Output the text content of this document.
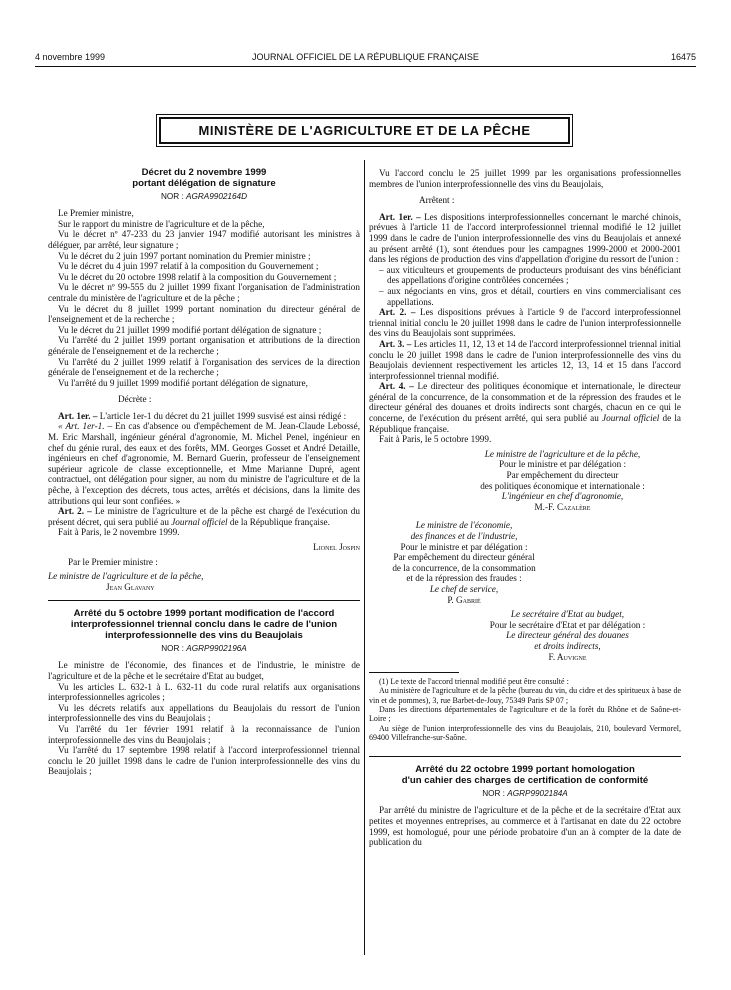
4 novembre 1999	JOURNAL OFFICIEL DE LA RÉPUBLIQUE FRANÇAISE	16475
MINISTÈRE DE L'AGRICULTURE ET DE LA PÊCHE

Décret du 2 novembre 1999

portant délégation de signature

NOR : AGRA9902164D

Le Premier ministre,

Sur le rapport du ministre de l'agriculture et de la pêche,

Vu le décret nº 47-233 du 23 janvier 1947 modifié autorisant les ministres à déléguer, par arrêté, leur signature ;

Vu le décret du 2 juin 1997 portant nomination du Premier ministre ;

Vu le décret du 4 juin 1997 relatif à la composition du Gouvernement ;

Vu le décret du 20 octobre 1998 relatif à la composition du Gouvernement ;

Vu le décret nº 99-555 du 2 juillet 1999 fixant l'organisation de l'administration centrale du ministère de l'agriculture et de la pêche ;

Vu le décret du 8 juillet 1999 portant nomination du directeur général de l'enseignement et de la recherche ;

Vu le décret du 21 juillet 1999 modifié portant délégation de signature ;

Vu l'arrêté du 2 juillet 1999 portant organisation et attributions de la direction générale de l'enseignement et de la recherche ;

Vu l'arrêté du 2 juillet 1999 relatif à l'organisation des services de la direction générale de l'enseignement et de la recherche ;

Vu l'arrêté du 9 juillet 1999 modifié portant délégation de signature,

Décrète :

Art. 1er. – L'article 1er-1 du décret du 21 juillet 1999 susvisé est ainsi rédigé :

« Art. 1er-1. – En cas d'absence ou d'empêchement de M. Jean-Claude Lebossé, M. Eric Marshall, ingénieur général d'agronomie, M. Michel Penel, ingénieur en chef du génie rural, des eaux et des forêts, MM. Georges Gosset et André Detaille, ingénieurs en chef d'agronomie, M. Bernard Guerin, professeur de l'enseignement supérieur agricole de classe exceptionnelle, et Mme Marianne Dupré, agent contractuel, ont délégation pour signer, au nom du ministre de l'agriculture et de la pêche, à l'exception des décrets, tous actes, arrêtés et décisions, dans la limite des attributions qui leur sont confiées. »

Art. 2. – Le ministre de l'agriculture et de la pêche est chargé de l'exécution du présent décret, qui sera publié au Journal officiel de la République française.

Fait à Paris, le 2 novembre 1999.

Lionel Jospin

Par le Premier ministre :

Le ministre de l'agriculture et de la pêche,

Jean Glavany

Arrêté du 5 octobre 1999 portant modification de l'accord interprofessionnel triennal conclu dans le cadre de l'union interprofessionnelle des vins du Beaujolais

NOR : AGRP9902196A

Le ministre de l'économie, des finances et de l'industrie, le ministre de l'agriculture et de la pêche et le secrétaire d'Etat au budget,

Vu les articles L. 632-1 à L. 632-11 du code rural relatifs aux organisations interprofessionnelles agricoles ;

Vu les décrets relatifs aux appellations du Beaujolais du ressort de l'union interprofessionnelle des vins du Beaujolais ;

Vu l'arrêté du 1er février 1991 relatif à la reconnaissance de l'union interprofessionnelle des vins du Beaujolais ;

Vu l'arrêté du 17 septembre 1998 relatif à l'accord interprofessionnel triennal conclu le 20 juillet 1998 dans le cadre de l'union interprofessionnelle des vins du Beaujolais ;

Vu l'accord conclu le 25 juillet 1999 par les organisations professionnelles membres de l'union interprofessionnelle des vins du Beaujolais,

Arrêtent :

Art. 1er. – Les dispositions interprofessionnelles concernant le marché chinois, prévues à l'article 11 de l'accord interprofessionnel triennal modifié le 12 juillet 1999 dans le cadre de l'union interprofessionnelle des vins du Beaujolais et annexé au présent arrêté (1), sont étendues pour les campagnes 1999-2000 et 2000-2001 dans les régions de production des vins d'appellation d'origine du ressort de l'union :

– aux viticulteurs et groupements de producteurs produisant des vins bénéficiant des appellations d'origine contrôlées concernées ;
– aux négociants en vins, gros et détail, courtiers en vins commercialisant ces appellations.

Art. 2. – Les dispositions prévues à l'article 9 de l'accord interprofessionnel triennal initial conclu le 20 juillet 1998 dans le cadre de l'union interprofessionnelle des vins du Beaujolais sont supprimées.

Art. 3. – Les articles 11, 12, 13 et 14 de l'accord interprofessionnel triennal initial conclu le 20 juillet 1998 dans le cadre de l'union interprofessionnelle des vins du Beaujolais deviennent respectivement les articles 12, 13, 14 et 15 dans l'accord interprofessionnel triennal modifié.

Art. 4. – Le directeur des politiques économique et internationale, le directeur général de la concurrence, de la consommation et de la répression des fraudes et le directeur général des douanes et droits indirects sont chargés, chacun en ce qui le concerne, de l'exécution du présent arrêté, qui sera publié au Journal officiel de la République française.

Fait à Paris, le 5 octobre 1999.

Le ministre de l'agriculture et de la pêche,
Pour le ministre et par délégation :
Par empêchement du directeur
des politiques économique et internationale :
L'ingénieur en chef d'agronomie,
M.-F. Cazalère
Le ministre de l'économie,
des finances et de l'industrie,
Pour le ministre et par délégation :
Par empêchement du directeur général
de la concurrence, de la consommation
et de la répression des fraudes :
Le chef de service,
P. Gabriė
Le secrétaire d'Etat au budget,
Pour le secrétaire d'Etat et par délégation :
Le directeur général des douanes
et droits indirects,
F. Auvigne

(1) Le texte de l'accord triennal modifié peut être consulté :

Au ministère de l'agriculture et de la pêche (bureau du vin, du cidre et des spiritueux à base de vin et de pommes), 3, rue Barbet-de-Jouy, 75349 Paris SP 07 ;

Dans les directions départementales de l'agriculture et de la forêt du Rhône et de Saône-et-Loire ;

Au siège de l'union interprofessionnelle des vins du Beaujolais, 210, boulevard Vermorel, 69400 Villefranche-sur-Saône.

Arrêté du 22 octobre 1999 portant homologation

d'un cahier des charges de certification de conformité

NOR : AGRP9902184A

Par arrêté du ministre de l'agriculture et de la pêche et de la secrétaire d'Etat aux petites et moyennes entreprises, au commerce et à l'artisanat en date du 22 octobre 1999, est homologué, pour une période probatoire d'un an à compter de la date de publication du
